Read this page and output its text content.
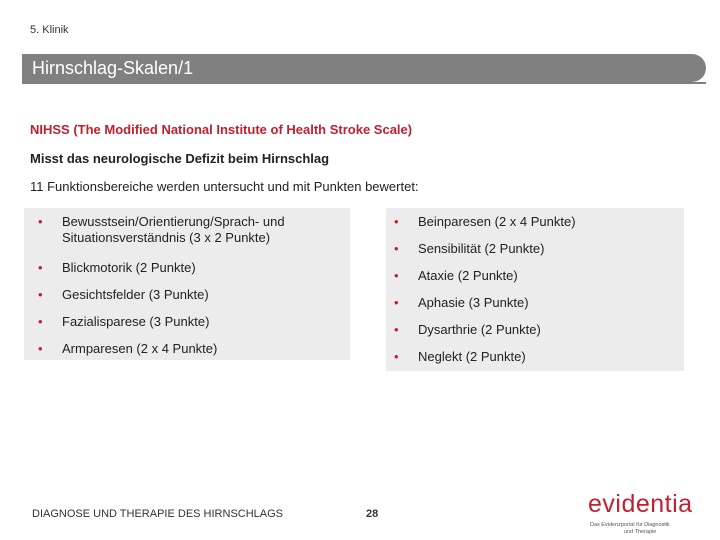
5. Klinik
Hirnschlag-Skalen/1
NIHSS (The Modified National Institute of Health Stroke Scale)
Misst das neurologische Defizit beim Hirnschlag
11 Funktionsbereiche werden untersucht und mit Punkten bewertet:
• Bewusstsein/Orientierung/Sprach- und
Situationsverständnis (3 x 2 Punkte)
• Blickmotorik (2 Punkte)
• Gesichtsfelder (3 Punkte)
• Fazialisparese (3 Punkte)
• Armparesen (2 x 4 Punkte)
• Beinparesen (2 x 4 Punkte)
• Sensibilität (2 Punkte)
• Ataxie (2 Punkte)
• Aphasie (3 Punkte)
• Dysarthrie (2 Punkte)
• Neglekt (2 Punkte)
DIAGNOSE UND THERAPIE DES HIRNSCHLAGS	28	evidentia
Das Evidenzportal für Diagnostik
und Therapie
